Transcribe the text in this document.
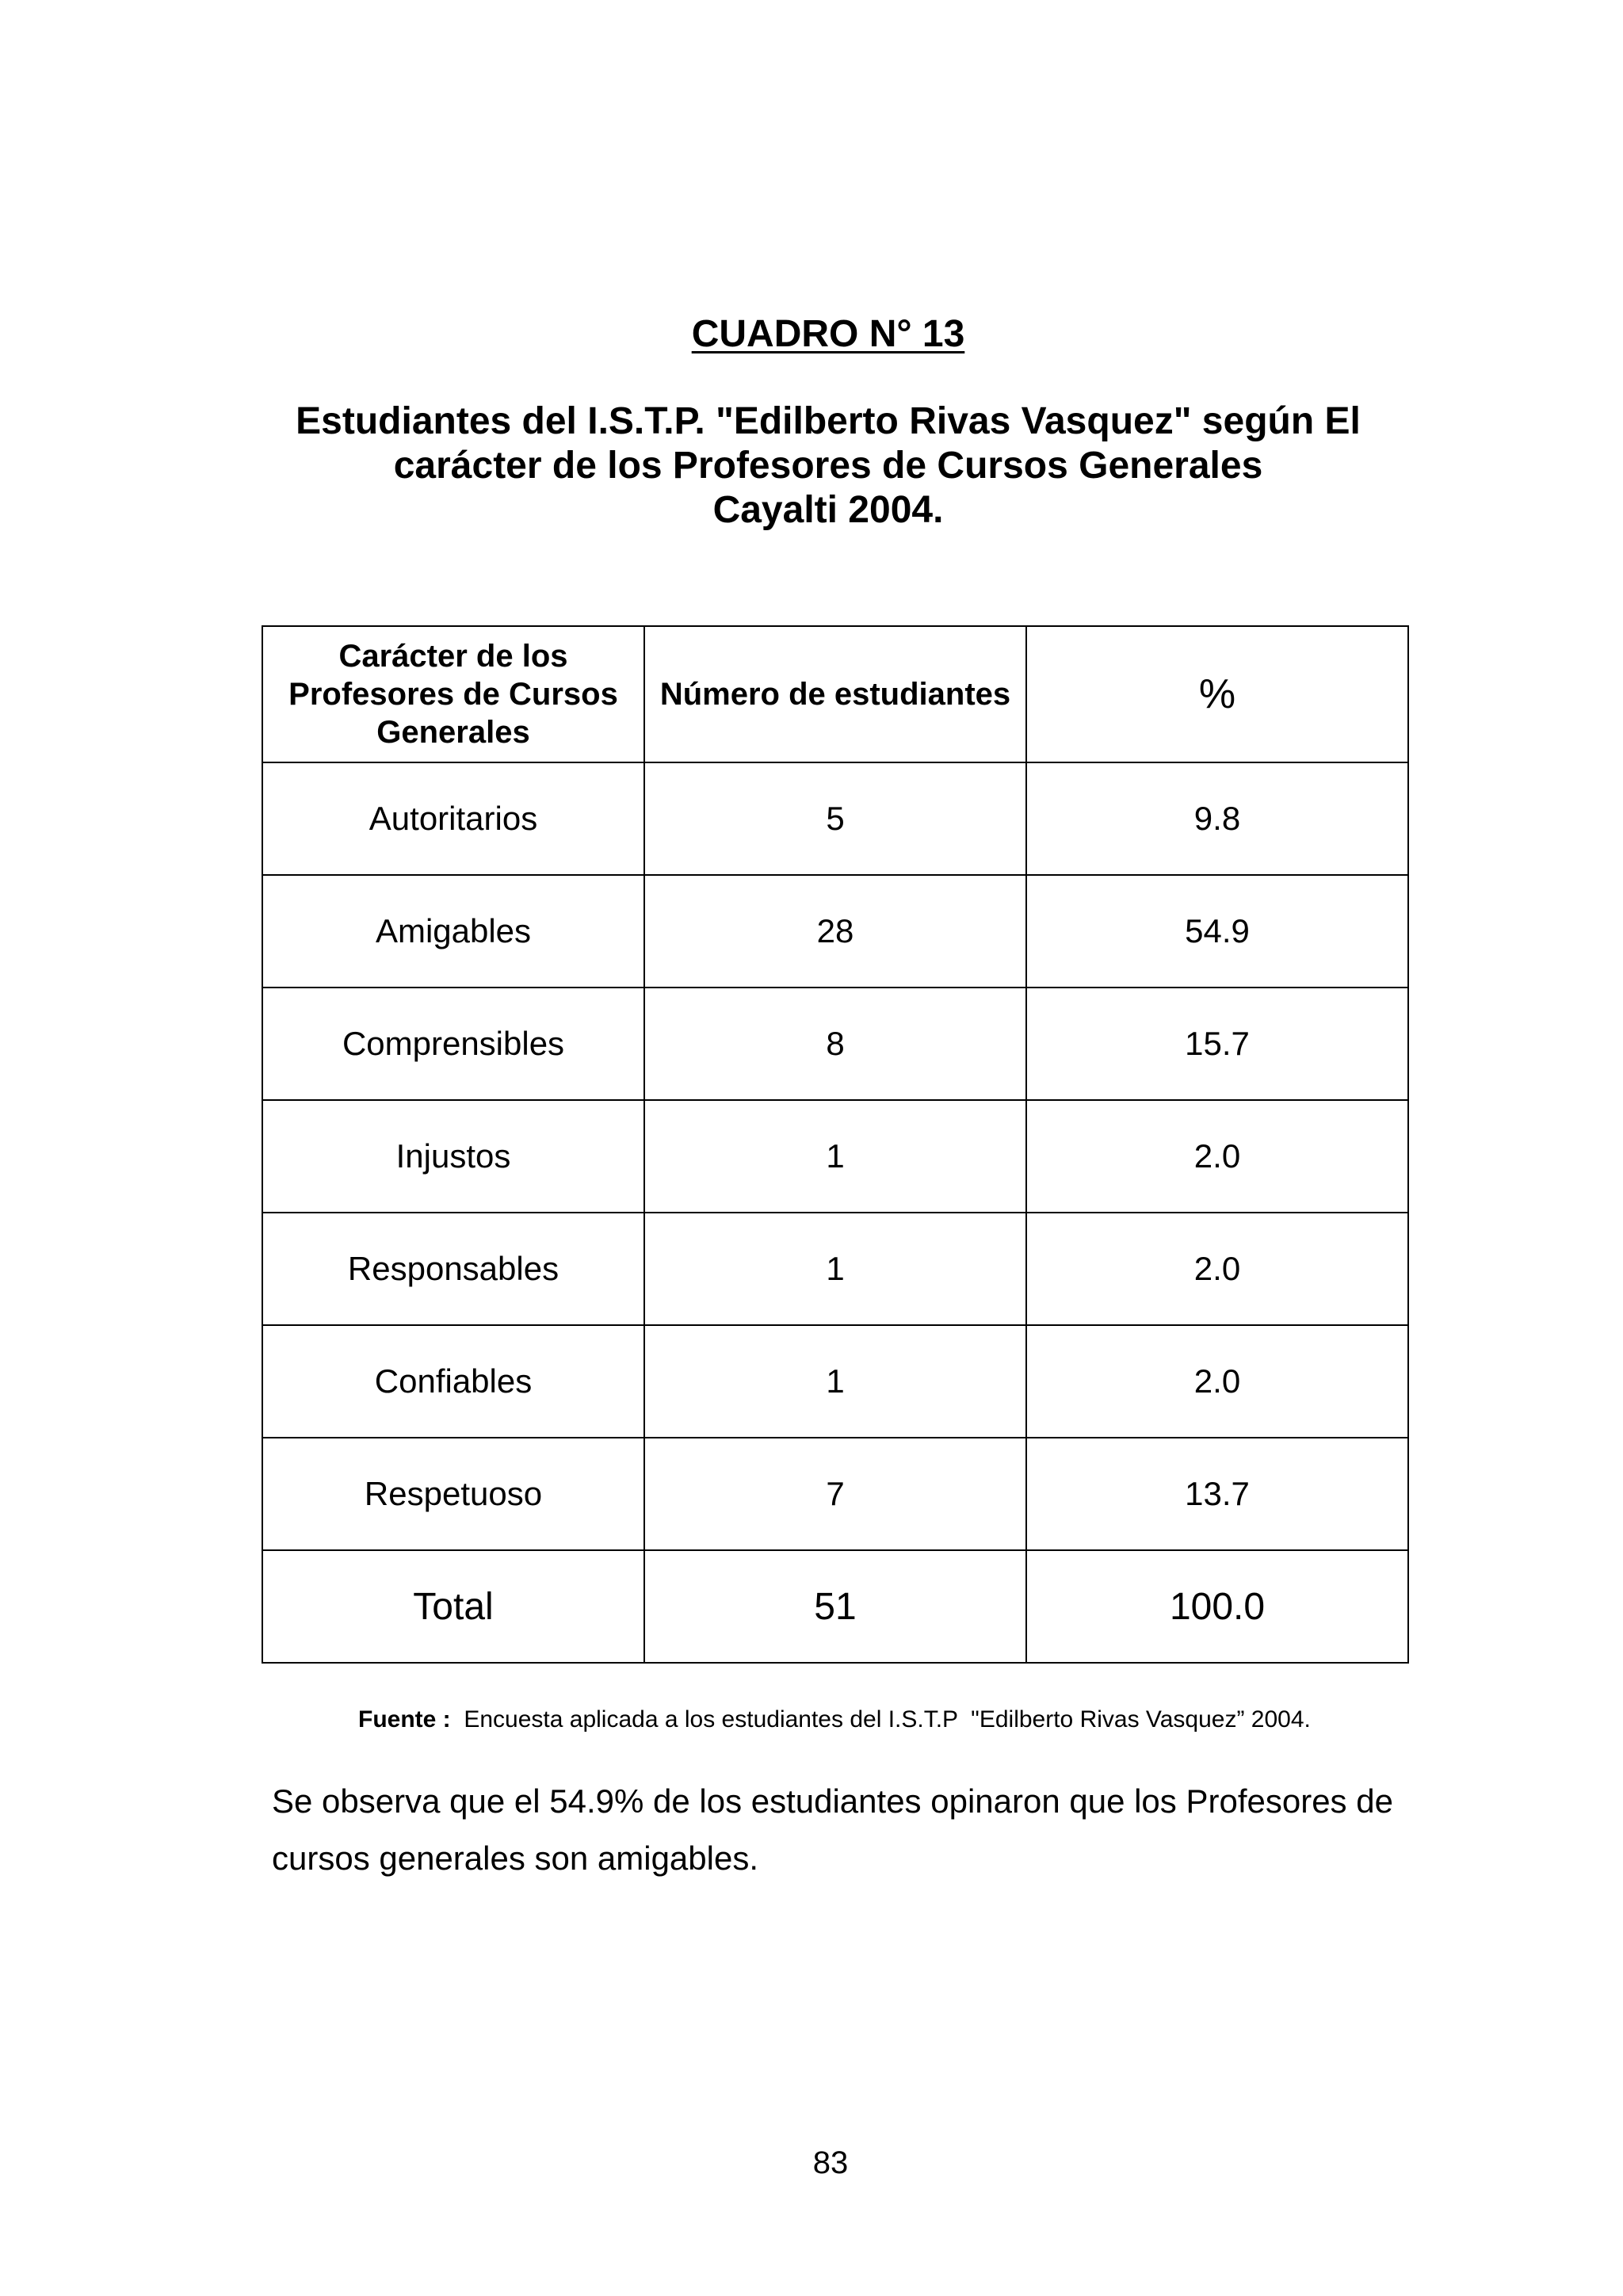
CUADRO N° 13
Estudiantes del I.S.T.P. "Edilberto Rivas Vasquez" según El
carácter de los Profesores de Cursos Generales
Cayalti 2004.
Carácter de los Profesores de Cursos Generales	Número de estudiantes	%
Autoritarios	5	9.8
Amigables	28	54.9
Comprensibles	8	15.7
Injustos	1	2.0
Responsables	1	2.0
Confiables	1	2.0
Respetuoso	7	13.7
Total	51	100.0
Fuente :  Encuesta aplicada a los estudiantes del I.S.T.P  "Edilberto Rivas Vasquez” 2004.
Se observa que el 54.9% de los estudiantes opinaron que los Profesores de cursos generales son amigables.
83
